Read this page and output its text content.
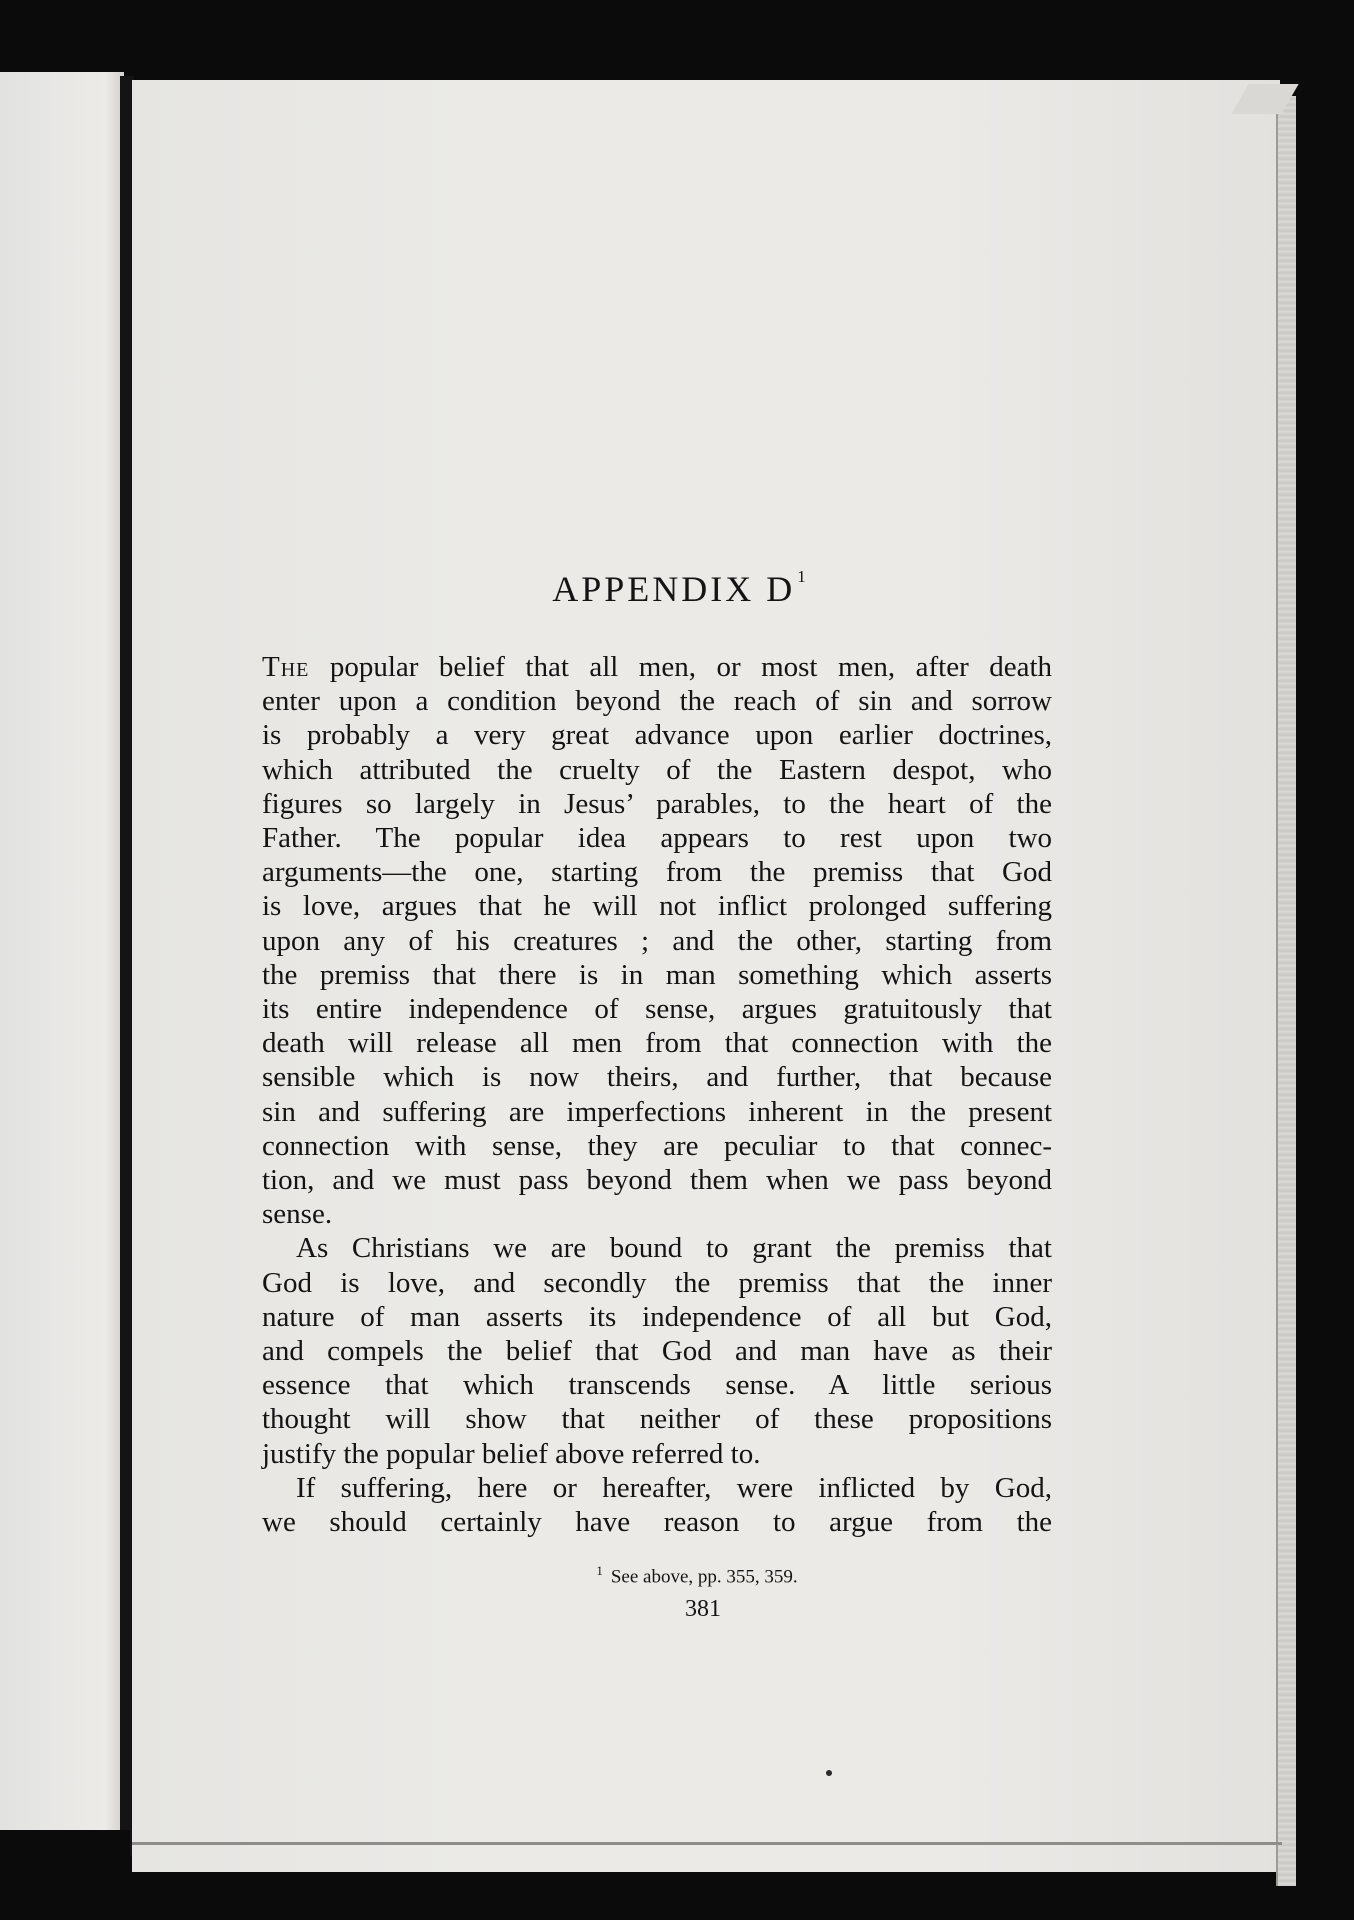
APPENDIX D $^1$

The popular belief that all men, or most men, after death
enter upon a condition beyond the reach of sin and sorrow
is probably a very great advance upon earlier doctrines,
which attributed the cruelty of the Eastern despot, who
figures so largely in Jesus’ parables, to the heart of the
Father. The popular idea appears to rest upon two
arguments—the one, starting from the premiss that God
is love, argues that he will not inflict prolonged suffering
upon any of his creatures ; and the other, starting from
the premiss that there is in man something which asserts
its entire independence of sense, argues gratuitously that
death will release all men from that connection with the
sensible which is now theirs, and further, that because
sin and suffering are imperfections inherent in the present
connection with sense, they are peculiar to that connec-
tion, and we must pass beyond them when we pass beyond
sense.

As Christians we are bound to grant the premiss that
God is love, and secondly the premiss that the inner
nature of man asserts its independence of all but God,
and compels the belief that God and man have as their
essence that which transcends sense. A little serious
thought will show that neither of these propositions
justify the popular belief above referred to.

If suffering, here or hereafter, were inflicted by God,
we should certainly have reason to argue from the

$^1$ See above, pp. 355, 359.
381
